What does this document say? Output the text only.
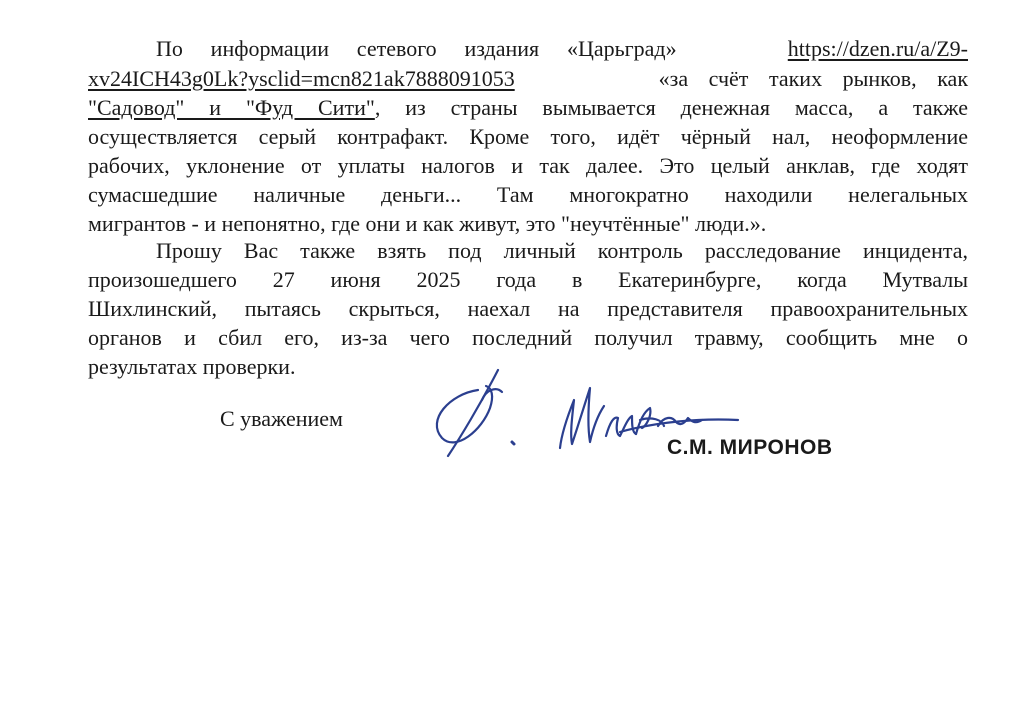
По информации сетевого издания «Царьград»	https://dzen.ru/a/Z9-
xv24ICH43g0Lk?ysclid=mcn821ak7888091053	«за счёт таких рынков, как
"Садовод" и "Фуд Сити", из страны вымывается денежная масса, а также
осуществляется серый контрафакт. Кроме того, идёт чёрный нал, неоформление
рабочих, уклонение от уплаты налогов и так далее. Это целый анклав, где ходят
сумасшедшие наличные деньги... Там многократно находили нелегальных
мигрантов - и непонятно, где они и как живут, это "неучтённые" люди.».
Прошу Вас также взять под личный контроль расследование инцидента,
произошедшего 27 июня 2025 года в Екатеринбурге, когда Мутвалы
Шихлинский, пытаясь скрыться, наехал на представителя правоохранительных
органов и сбил его, из-за чего последний получил травму, сообщить мне о
результатах проверки.
С уважением
С.М. МИРОНОВ
